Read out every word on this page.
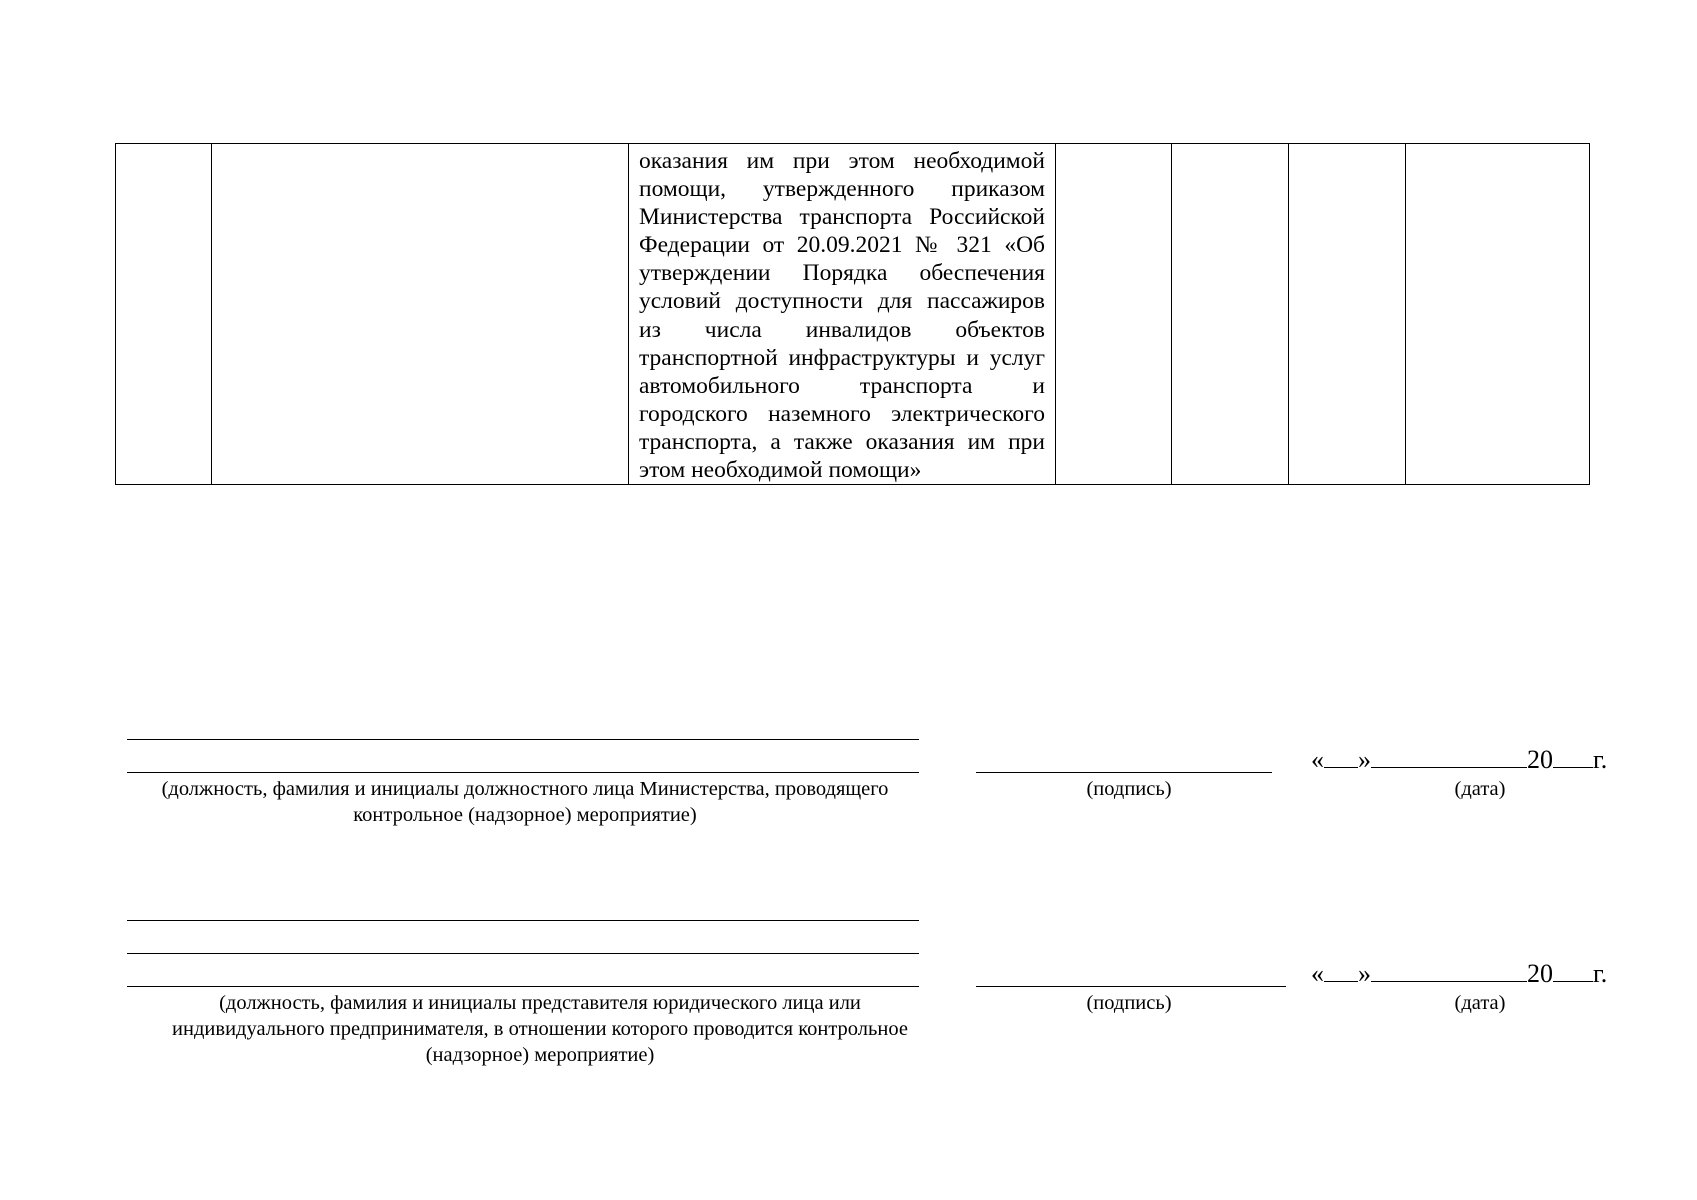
оказания им при этом необходимой
помощи, утвержденного приказом
Министерства транспорта Российской
Федерации от 20.09.2021 № 321 «Об
утверждении Порядка обеспечения
условий доступности для пассажиров
из числа инвалидов объектов
транспортной инфраструктуры и услуг
автомобильного транспорта и
городского наземного электрического
транспорта, а также оказания им при
этом необходимой помощи»

(должность, фамилия и инициалы должностного лица Министерства, проводящего
контрольное (надзорное) мероприятие)
(подпись)
« »	20 г.
(дата)
(должность, фамилия и инициалы представителя юридического лица или
индивидуального предпринимателя, в отношении которого проводится контрольное
(надзорное) мероприятие)
(подпись)
« »	20 г.
(дата)
